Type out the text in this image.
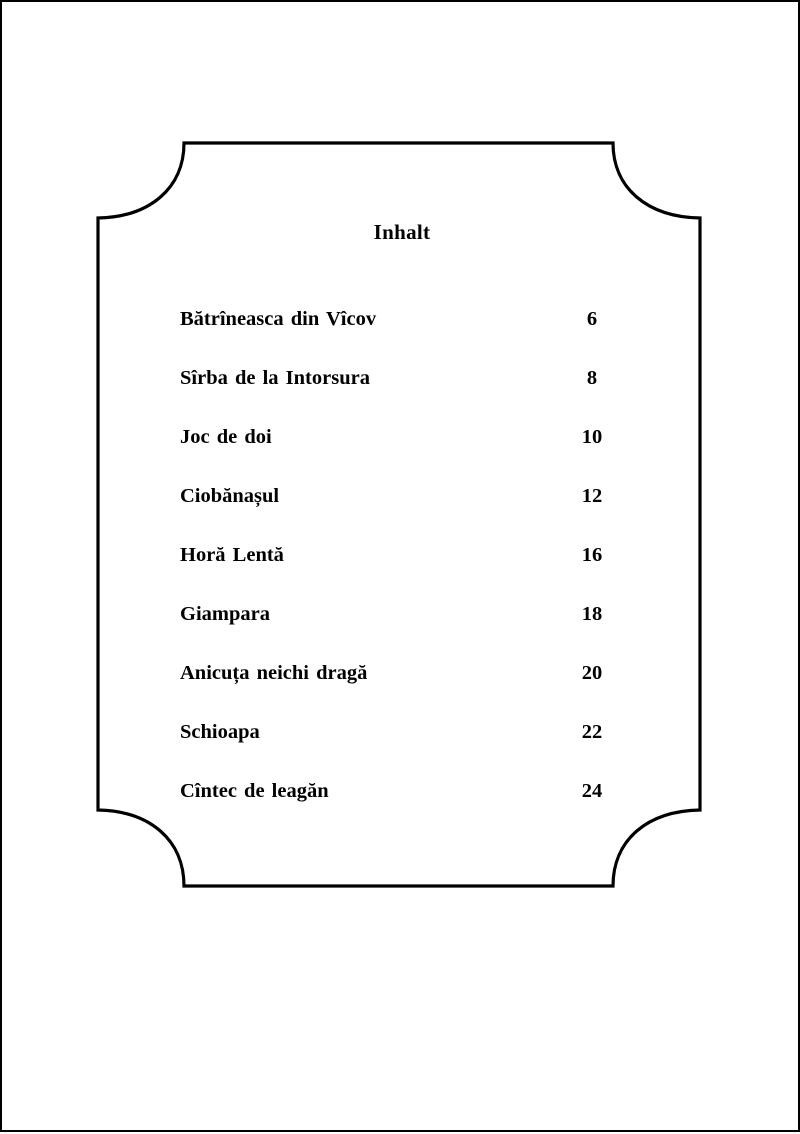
Inhalt
Bătrîneasca din Vîcov	6
Sîrba de la Intorsura	8
Joc de doi	10
Ciobănașul	12
Horă Lentă	16
Giampara	18
Anicuța neichi dragă	20
Schioapa	22
Cîntec de leagăn	24
